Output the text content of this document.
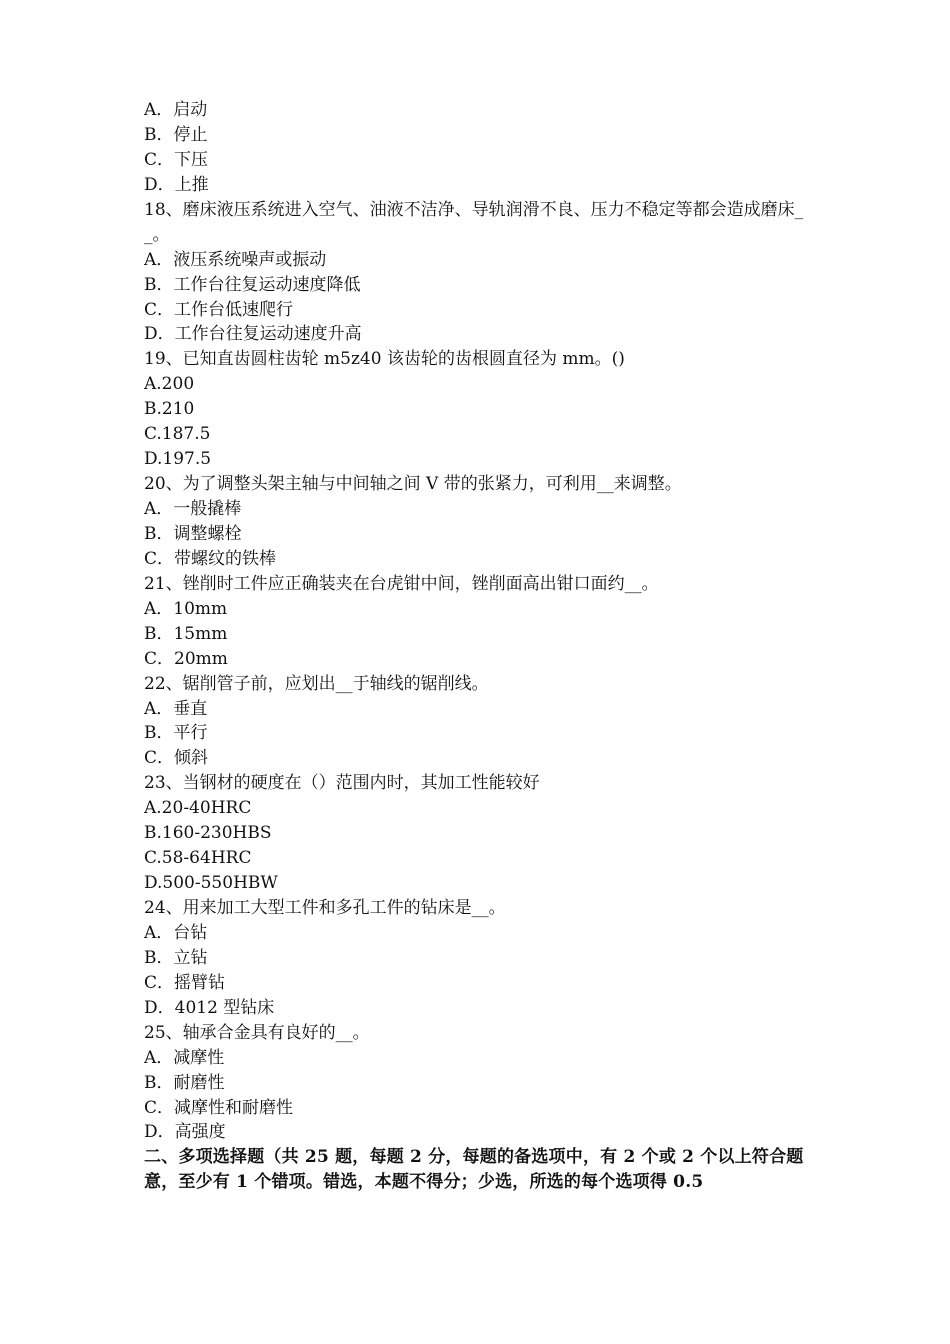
A．启动
B．停止
C．下压
D．上推
18、磨床液压系统进入空气、油液不洁净、导轨润滑不良、压力不稳定等都会造成磨床__。
A．液压系统噪声或振动
B．工作台往复运动速度降低
C．工作台低速爬行
D．工作台往复运动速度升高
19、已知直齿圆柱齿轮 m5z40 该齿轮的齿根圆直径为 mm。()
A.200
B.210
C.187.5
D.197.5
20、为了调整头架主轴与中间轴之间 V 带的张紧力，可利用__来调整。
A．一般撬棒
B．调整螺栓
C．带螺纹的铁棒
21、锉削时工件应正确装夹在台虎钳中间，锉削面高出钳口面约__。
A．10mm
B．15mm
C．20mm
22、锯削管子前，应划出__于轴线的锯削线。
A．垂直
B．平行
C．倾斜
23、当钢材的硬度在（）范围内时，其加工性能较好
A.20-40HRC
B.160-230HBS
C.58-64HRC
D.500-550HBW
24、用来加工大型工件和多孔工件的钻床是__。
A．台钻
B．立钻
C．摇臂钻
D．4012 型钻床
25、轴承合金具有良好的__。
A．减摩性
B．耐磨性
C．减摩性和耐磨性
D．高强度
二、多项选择题（共 25 题，每题 2 分，每题的备选项中，有 2 个或 2 个以上符合题意，至少有 1 个错项。错选，本题不得分；少选，所选的每个选项得 0.5
